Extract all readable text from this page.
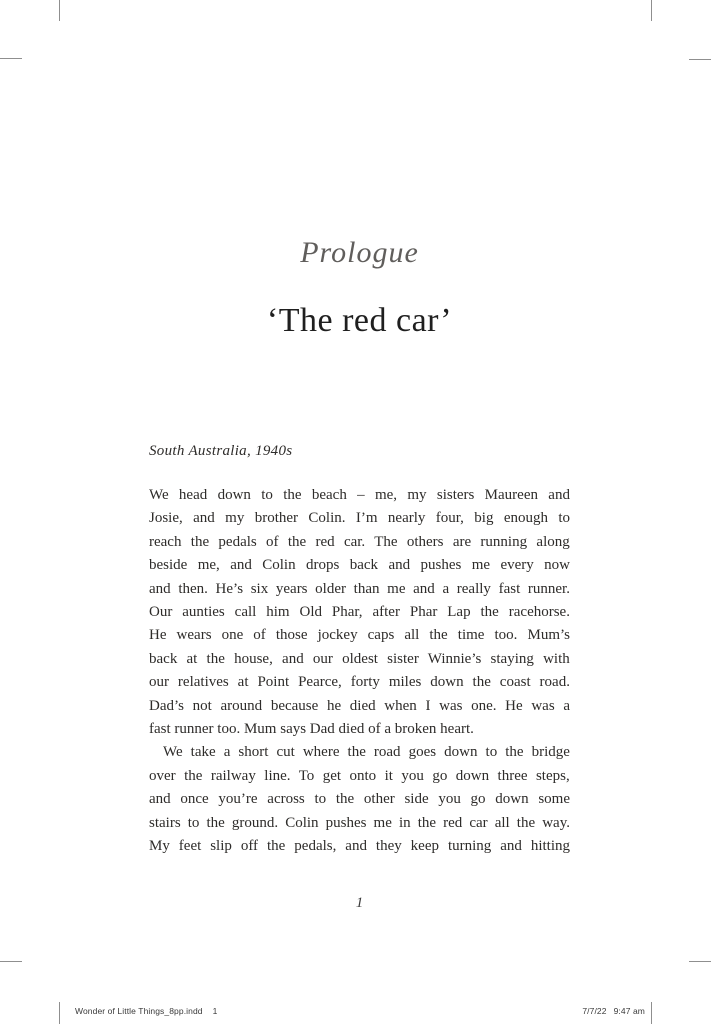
Prologue
‘The red car’
South Australia, 1940s
We head down to the beach – me, my sisters Maureen and
Josie, and my brother Colin. I’m nearly four, big enough to
reach the pedals of the red car. The others are running along
beside me, and Colin drops back and pushes me every now
and then. He’s six years older than me and a really fast runner.
Our aunties call him Old Phar, after Phar Lap the racehorse.
He wears one of those jockey caps all the time too. Mum’s
back at the house, and our oldest sister Winnie’s staying with
our relatives at Point Pearce, forty miles down the coast road.
Dad’s not around because he died when I was one. He was a
fast runner too. Mum says Dad died of a broken heart.
We take a short cut where the road goes down to the bridge
over the railway line. To get onto it you go down three steps,
and once you’re across to the other side you go down some
stairs to the ground. Colin pushes me in the red car all the way.
My feet slip off the pedals, and they keep turning and hitting
1
Wonder of Little Things_8pp.indd 1	7/7/22 9:47 am
